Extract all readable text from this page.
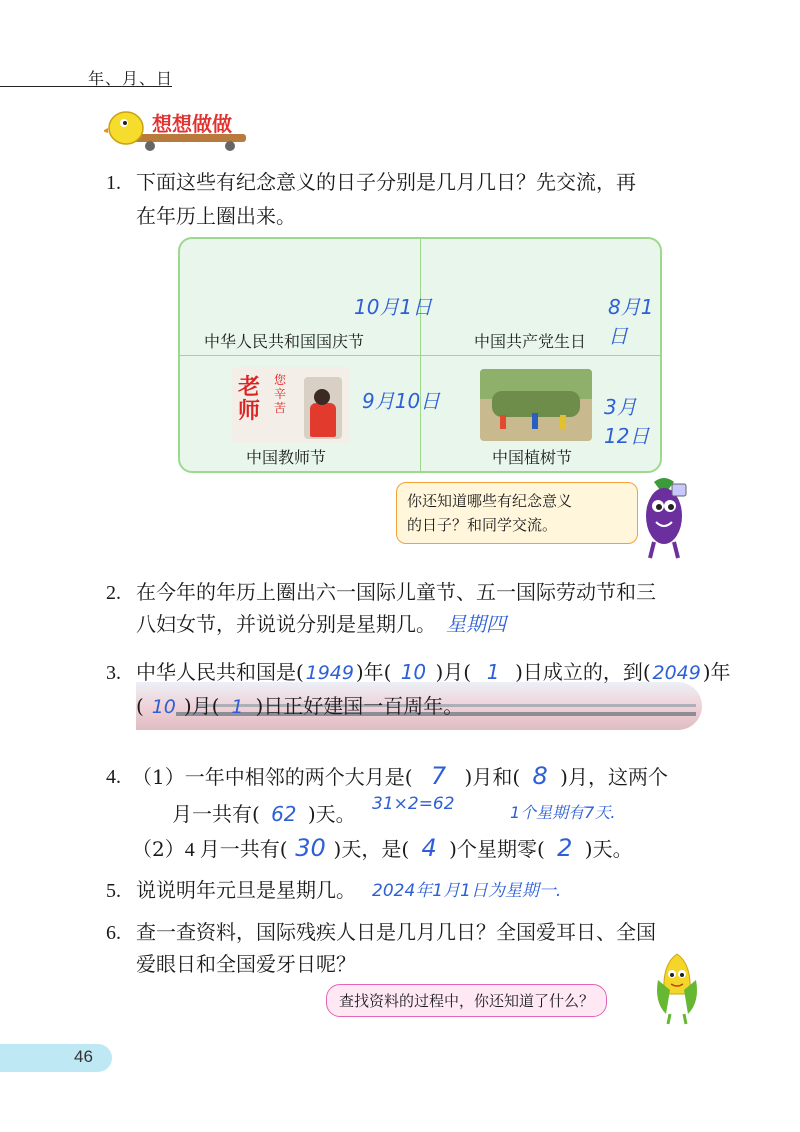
年、月、日
想想做做
1. 下面这些有纪念意义的日子分别是几月几日？先交流，再
在年历上圈出来。
10月1日
中华人民共和国国庆节
8月1日
中国共产党生日
老
师
您
辛
苦	9月10日
中国教师节
3月12日
中国植树节
你还知道哪些有纪念意义
的日子？和同学交流。
2. 在今年的年历上圈出六一国际儿童节、五一国际劳动节和三
八妇女节，并说说分别是星期几。 星期四
3. 中华人民共和国是(1949)年( 10 )月( 1 )日成立的，到(2049)年
( 10 )月( 1 )日正好建国一百周年。
4. （1）一年中相邻的两个大月是( 7 )月和( 8 )月，这两个
月一共有( 62 )天。 31×2=62	1个星期有7天.
（2）4 月一共有( 30 )天，是( 4 )个星期零( 2 )天。
5. 说说明年元旦是星期几。 2024年1月1日为星期一.
6. 查一查资料，国际残疾人日是几月几日？全国爱耳日、全国
爱眼日和全国爱牙日呢？
查找资料的过程中，你还知道了什么？
46
